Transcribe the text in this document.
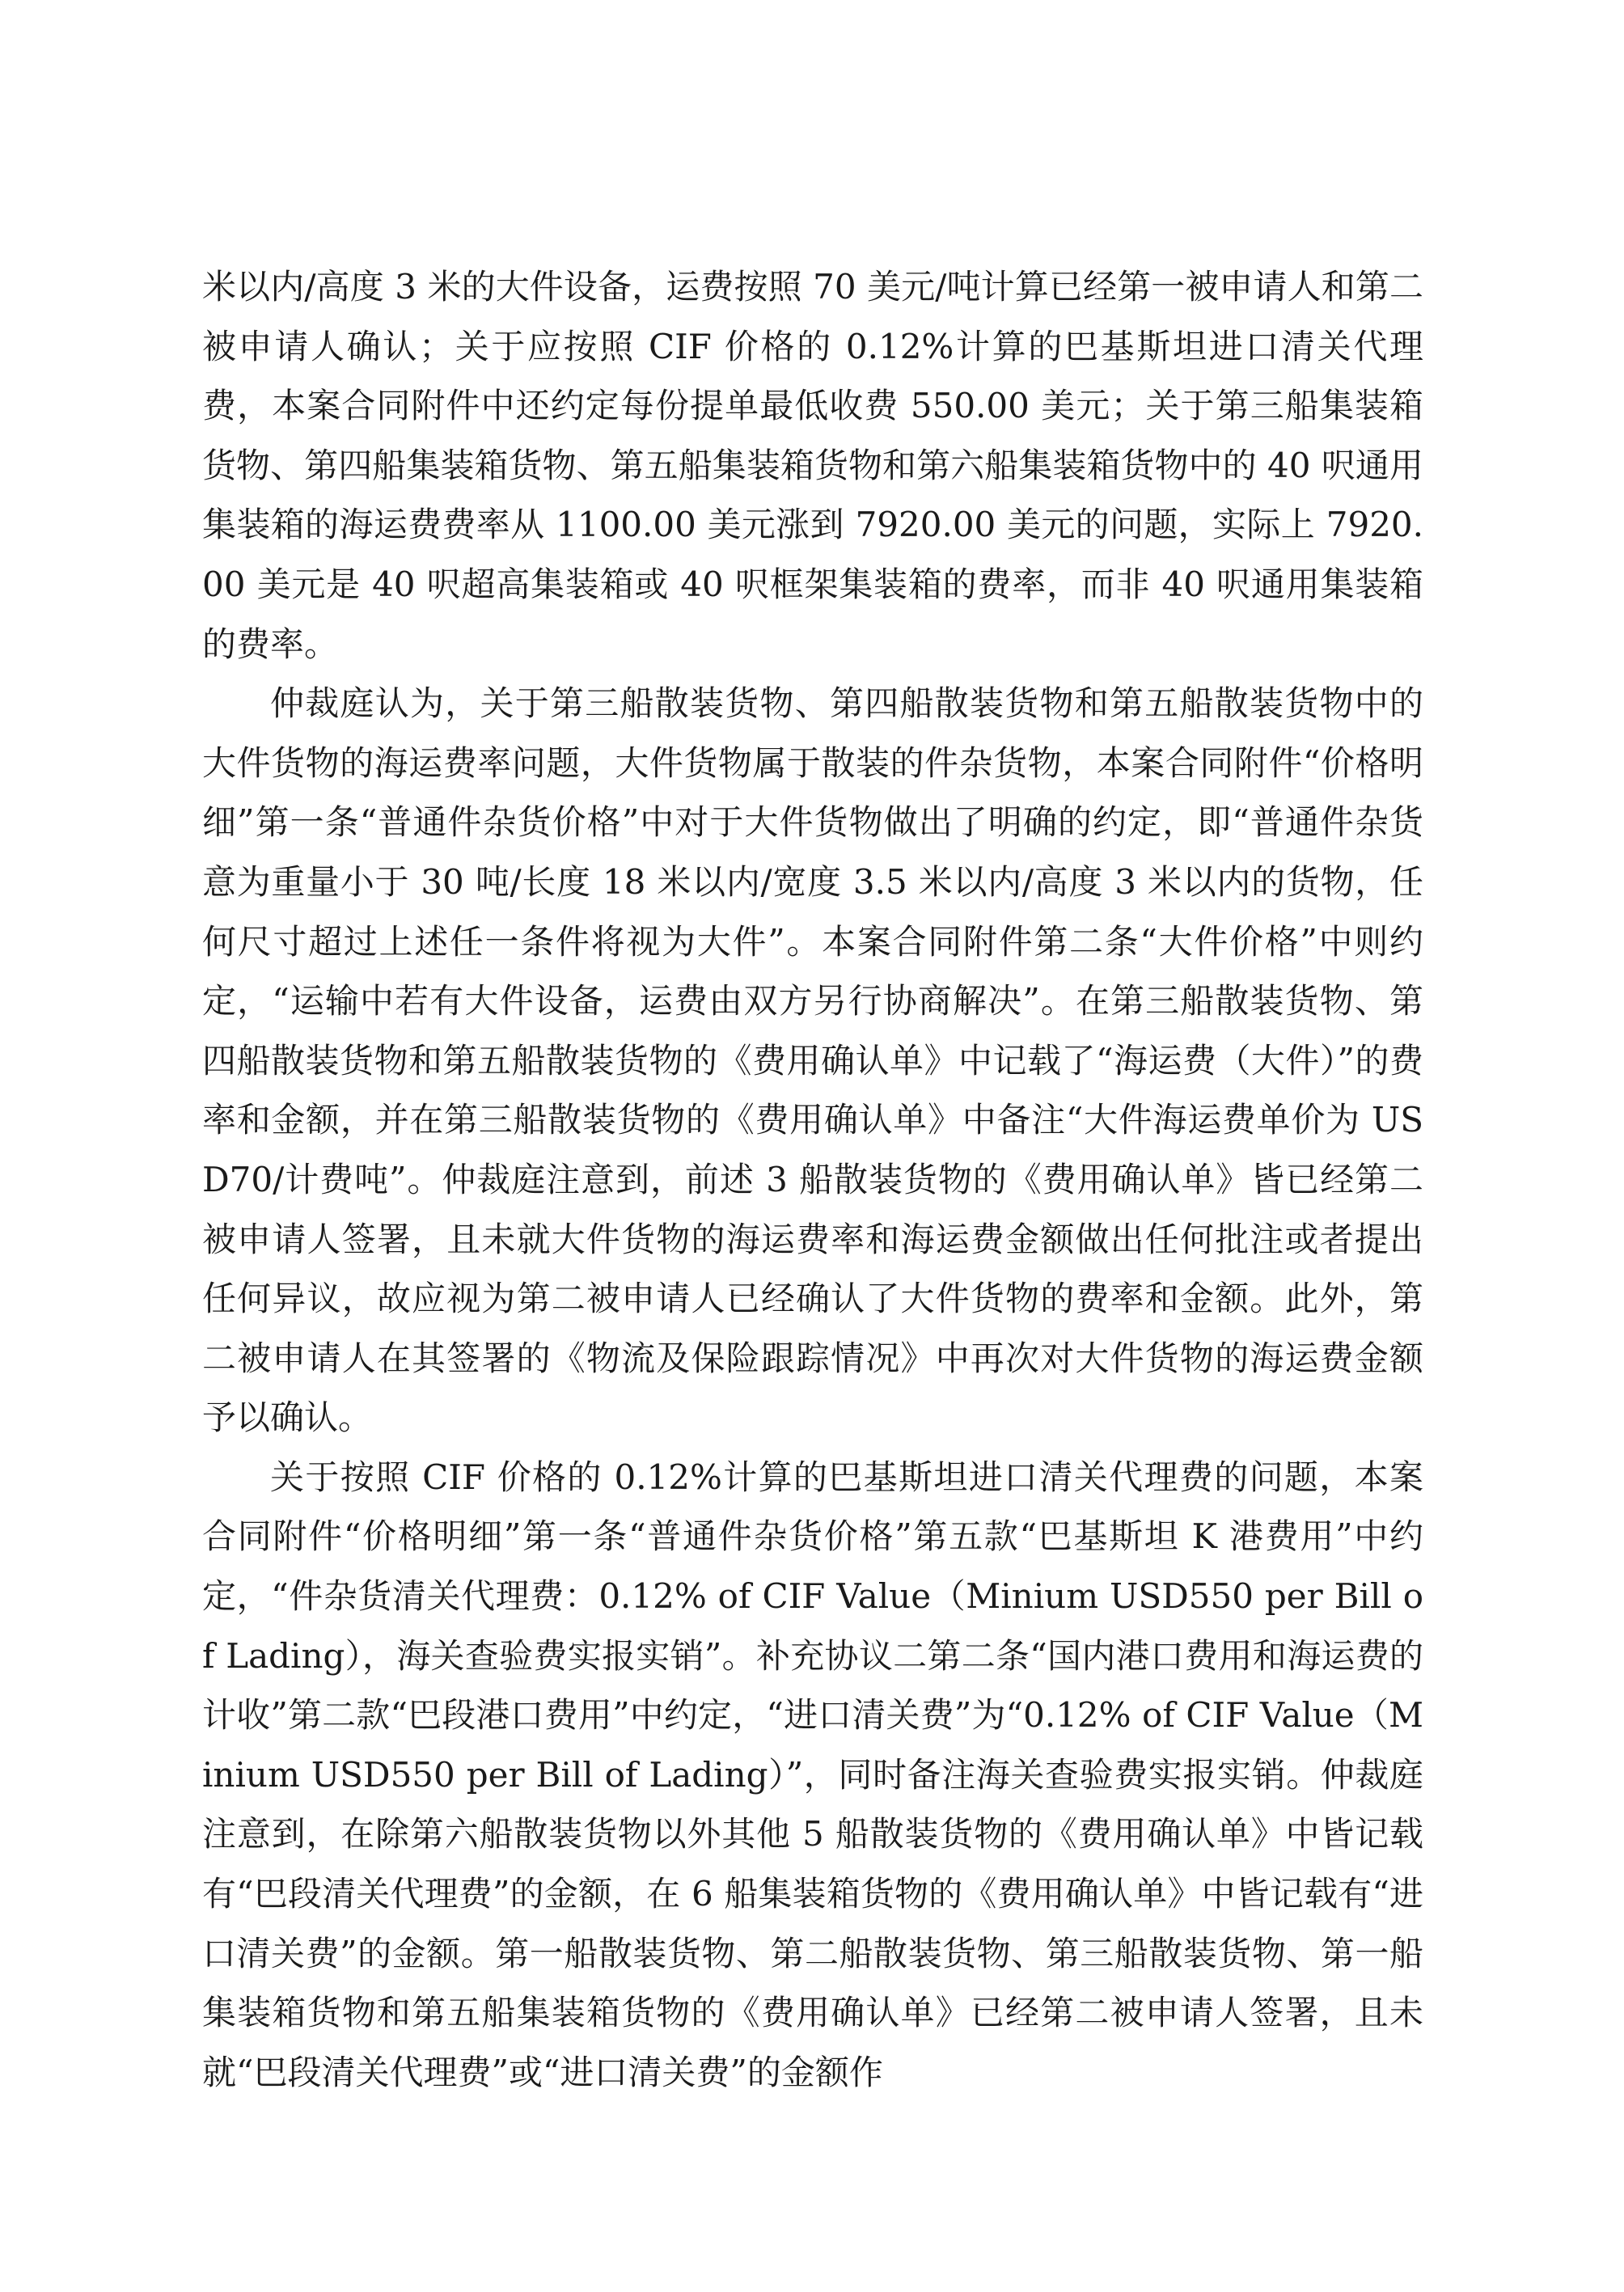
米以内/高度 3 米的大件设备，运费按照 70 美元/吨计算已经第一被申请人和第二被申请人确认；关于应按照 CIF 价格的 0.12%计算的巴基斯坦进口清关代理费，本案合同附件中还约定每份提单最低收费 550.00 美元；关于第三船集装箱货物、第四船集装箱货物、第五船集装箱货物和第六船集装箱货物中的 40 呎通用集装箱的海运费费率从 1100.00 美元涨到 7920.00 美元的问题，实际上 7920.00 美元是 40 呎超高集装箱或 40 呎框架集装箱的费率，而非 40 呎通用集装箱的费率。

仲裁庭认为，关于第三船散装货物、第四船散装货物和第五船散装货物中的大件货物的海运费率问题，大件货物属于散装的件杂货物，本案合同附件“价格明细”第一条“普通件杂货价格”中对于大件货物做出了明确的约定，即“普通件杂货意为重量小于 30 吨/长度 18 米以内/宽度 3.5 米以内/高度 3 米以内的货物，任何尺寸超过上述任一条件将视为大件”。本案合同附件第二条“大件价格”中则约定，“运输中若有大件设备，运费由双方另行协商解决”。在第三船散装货物、第四船散装货物和第五船散装货物的《费用确认单》中记载了“海运费（大件）”的费率和金额，并在第三船散装货物的《费用确认单》中备注“大件海运费单价为 USD70/计费吨”。仲裁庭注意到，前述 3 船散装货物的《费用确认单》皆已经第二被申请人签署，且未就大件货物的海运费率和海运费金额做出任何批注或者提出任何异议，故应视为第二被申请人已经确认了大件货物的费率和金额。此外，第二被申请人在其签署的《物流及保险跟踪情况》中再次对大件货物的海运费金额予以确认。

关于按照 CIF 价格的 0.12%计算的巴基斯坦进口清关代理费的问题，本案合同附件“价格明细”第一条“普通件杂货价格”第五款“巴基斯坦 K 港费用”中约定，“件杂货清关代理费：0.12% of CIF Value（Minium USD550 per Bill of Lading），海关查验费实报实销”。补充协议二第二条“国内港口费用和海运费的计收”第二款“巴段港口费用”中约定，“进口清关费”为“0.12% of CIF Value（Minium USD550 per Bill of Lading）”，同时备注海关查验费实报实销。仲裁庭注意到，在除第六船散装货物以外其他 5 船散装货物的《费用确认单》中皆记载有“巴段清关代理费”的金额，在 6 船集装箱货物的《费用确认单》中皆记载有“进口清关费”的金额。第一船散装货物、第二船散装货物、第三船散装货物、第一船集装箱货物和第五船集装箱货物的《费用确认单》已经第二被申请人签署，且未就“巴段清关代理费”或“进口清关费”的金额作
